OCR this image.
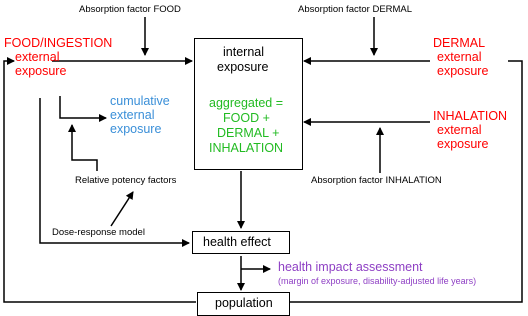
Absorption factor FOOD	Absorption factor DERMAL
FOOD/INGESTION
external
exposure
DERMAL
external
exposure
INHALATION
external
exposure
cumulative
external
exposure
internal
exposure
aggregated =
FOOD +
DERMAL +
INHALATION
Absorption factor INHALATION
Relative potency factors
Dose-response model
health effect
health impact assessment
(margin of exposure, disability-adjusted life years)
population
